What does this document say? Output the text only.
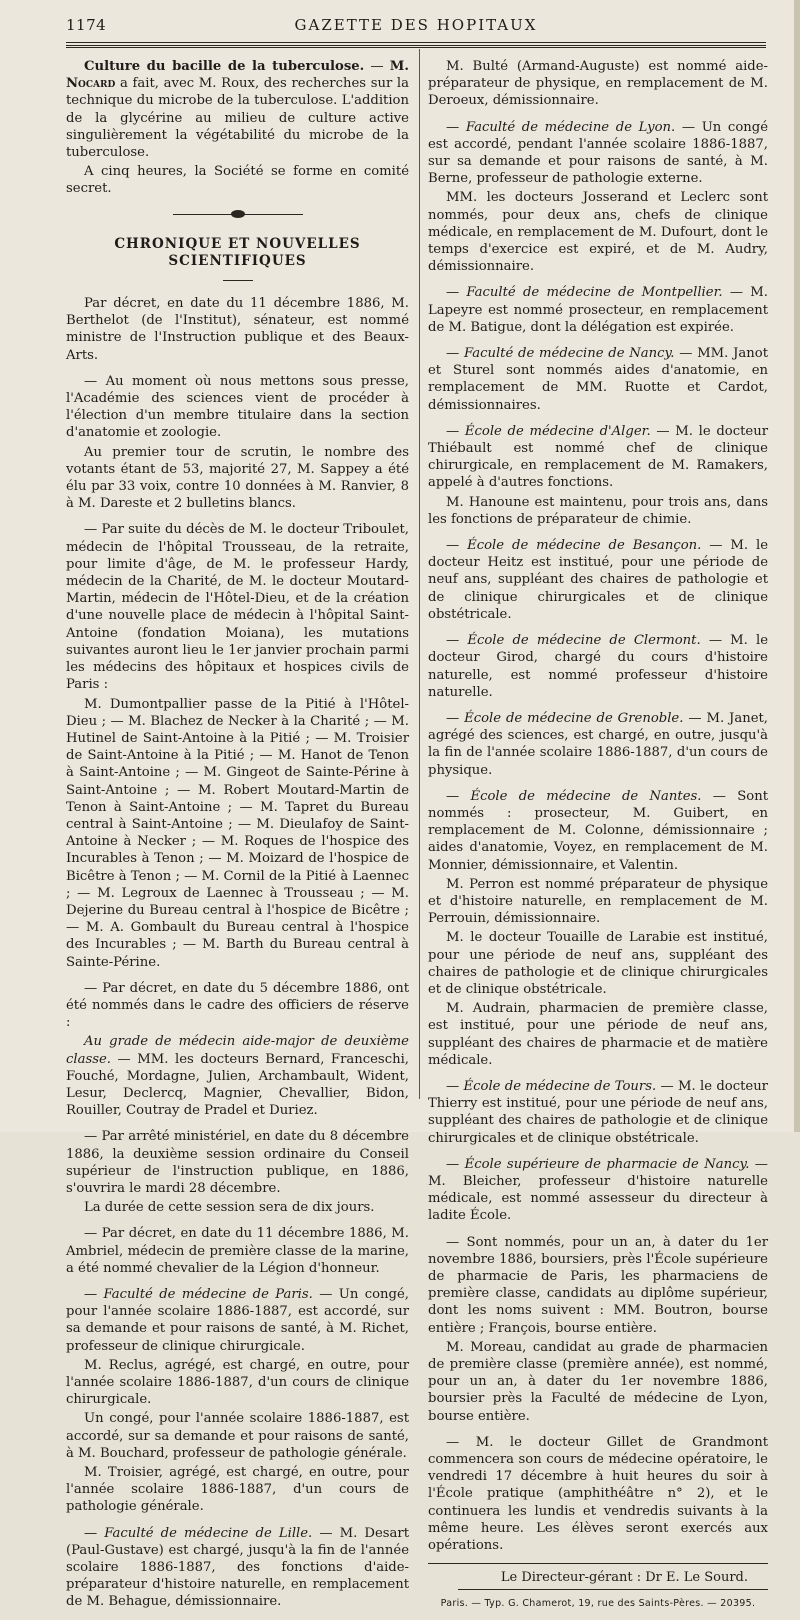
1174	GAZETTE DES HOPITAUX

Culture du bacille de la tuberculose. — M. Nocard a fait, avec M. Roux, des recherches sur la technique du microbe de la tuberculose. L'addition de la glycérine au milieu de culture active singulièrement la végétabilité du microbe de la tuberculose.

A cinq heures, la Société se forme en comité secret.

CHRONIQUE ET NOUVELLES SCIENTIFIQUES

Par décret, en date du 11 décembre 1886, M. Berthelot (de l'Institut), sénateur, est nommé ministre de l'Instruction publique et des Beaux-Arts.

— Au moment où nous mettons sous presse, l'Académie des sciences vient de procéder à l'élection d'un membre titulaire dans la section d'anatomie et zoologie.

Au premier tour de scrutin, le nombre des votants étant de 53, majorité 27, M. Sappey a été élu par 33 voix, contre 10 données à M. Ranvier, 8 à M. Dareste et 2 bulletins blancs.

— Par suite du décès de M. le docteur Triboulet, médecin de l'hôpital Trousseau, de la retraite, pour limite d'âge, de M. le professeur Hardy, médecin de la Charité, de M. le docteur Moutard-Martin, médecin de l'Hôtel-Dieu, et de la création d'une nouvelle place de médecin à l'hôpital Saint-Antoine (fondation Moiana), les mutations suivantes auront lieu le 1er janvier prochain parmi les médecins des hôpitaux et hospices civils de Paris :

M. Dumontpallier passe de la Pitié à l'Hôtel-Dieu ; — M. Blachez de Necker à la Charité ; — M. Hutinel de Saint-Antoine à la Pitié ; — M. Troisier de Saint-Antoine à la Pitié ; — M. Hanot de Tenon à Saint-Antoine ; — M. Gingeot de Sainte-Périne à Saint-Antoine ; — M. Robert Moutard-Martin de Tenon à Saint-Antoine ; — M. Tapret du Bureau central à Saint-Antoine ; — M. Dieulafoy de Saint-Antoine à Necker ; — M. Roques de l'hospice des Incurables à Tenon ; — M. Moizard de l'hospice de Bicêtre à Tenon ; — M. Cornil de la Pitié à Laennec ; — M. Legroux de Laennec à Trousseau ; — M. Dejerine du Bureau central à l'hospice de Bicêtre ; — M. A. Gombault du Bureau central à l'hospice des Incurables ; — M. Barth du Bureau central à Sainte-Périne.

— Par décret, en date du 5 décembre 1886, ont été nommés dans le cadre des officiers de réserve :

Au grade de médecin aide-major de deuxième classe. — MM. les docteurs Bernard, Franceschi, Fouché, Mordagne, Julien, Archambault, Wident, Lesur, Declercq, Magnier, Chevallier, Bidon, Rouiller, Coutray de Pradel et Duriez.

— Par arrêté ministériel, en date du 8 décembre 1886, la deuxième session ordinaire du Conseil supérieur de l'instruction publique, en 1886, s'ouvrira le mardi 28 décembre.

La durée de cette session sera de dix jours.

— Par décret, en date du 11 décembre 1886, M. Ambriel, médecin de première classe de la marine, a été nommé chevalier de la Légion d'honneur.

— Faculté de médecine de Paris. — Un congé, pour l'année scolaire 1886-1887, est accordé, sur sa demande et pour raisons de santé, à M. Richet, professeur de clinique chirurgicale.

M. Reclus, agrégé, est chargé, en outre, pour l'année scolaire 1886-1887, d'un cours de clinique chirurgicale.

Un congé, pour l'année scolaire 1886-1887, est accordé, sur sa demande et pour raisons de santé, à M. Bouchard, professeur de pathologie générale.

M. Troisier, agrégé, est chargé, en outre, pour l'année scolaire 1886-1887, d'un cours de pathologie générale.

— Faculté de médecine de Lille. — M. Desart (Paul-Gustave) est chargé, jusqu'à la fin de l'année scolaire 1886-1887, des fonctions d'aide-préparateur d'histoire naturelle, en remplacement de M. Behague, démissionnaire.

M. Bulté (Armand-Auguste) est nommé aide-préparateur de physique, en remplacement de M. Deroeux, démissionnaire.

— Faculté de médecine de Lyon. — Un congé est accordé, pendant l'année scolaire 1886-1887, sur sa demande et pour raisons de santé, à M. Berne, professeur de pathologie externe.

MM. les docteurs Josserand et Leclerc sont nommés, pour deux ans, chefs de clinique médicale, en remplacement de M. Dufourt, dont le temps d'exercice est expiré, et de M. Audry, démissionnaire.

— Faculté de médecine de Montpellier. — M. Lapeyre est nommé prosecteur, en remplacement de M. Batigue, dont la délégation est expirée.

— Faculté de médecine de Nancy. — MM. Janot et Sturel sont nommés aides d'anatomie, en remplacement de MM. Ruotte et Cardot, démissionnaires.

— École de médecine d'Alger. — M. le docteur Thiébault est nommé chef de clinique chirurgicale, en remplacement de M. Ramakers, appelé à d'autres fonctions.

M. Hanoune est maintenu, pour trois ans, dans les fonctions de préparateur de chimie.

— École de médecine de Besançon. — M. le docteur Heitz est institué, pour une période de neuf ans, suppléant des chaires de pathologie et de clinique chirurgicales et de clinique obstétricale.

— École de médecine de Clermont. — M. le docteur Girod, chargé du cours d'histoire naturelle, est nommé professeur d'histoire naturelle.

— École de médecine de Grenoble. — M. Janet, agrégé des sciences, est chargé, en outre, jusqu'à la fin de l'année scolaire 1886-1887, d'un cours de physique.

— École de médecine de Nantes. — Sont nommés : prosecteur, M. Guibert, en remplacement de M. Colonne, démissionnaire ; aides d'anatomie, Voyez, en remplacement de M. Monnier, démissionnaire, et Valentin.

M. Perron est nommé préparateur de physique et d'histoire naturelle, en remplacement de M. Perrouin, démissionnaire.

M. le docteur Touaille de Larabie est institué, pour une période de neuf ans, suppléant des chaires de pathologie et de clinique chirurgicales et de clinique obstétricale.

M. Audrain, pharmacien de première classe, est institué, pour une période de neuf ans, suppléant des chaires de pharmacie et de matière médicale.

— École de médecine de Tours. — M. le docteur Thierry est institué, pour une période de neuf ans, suppléant des chaires de pathologie et de clinique chirurgicales et de clinique obstétricale.

— École supérieure de pharmacie de Nancy. — M. Bleicher, professeur d'histoire naturelle médicale, est nommé assesseur du directeur à ladite École.

— Sont nommés, pour un an, à dater du 1er novembre 1886, boursiers, près l'École supérieure de pharmacie de Paris, les pharmaciens de première classe, candidats au diplôme supérieur, dont les noms suivent : MM. Boutron, bourse entière ; François, bourse entière.

M. Moreau, candidat au grade de pharmacien de première classe (première année), est nommé, pour un an, à dater du 1er novembre 1886, boursier près la Faculté de médecine de Lyon, bourse entière.

— M. le docteur Gillet de Grandmont commencera son cours de médecine opératoire, le vendredi 17 décembre à huit heures du soir à l'École pratique (amphithéâtre n° 2), et le continuera les lundis et vendredis suivants à la même heure. Les élèves seront exercés aux opérations.

Le Directeur-gérant : Dr E. Le Sourd.
Paris. — Typ. G. Chamerot, 19, rue des Saints-Pères. — 20395.
